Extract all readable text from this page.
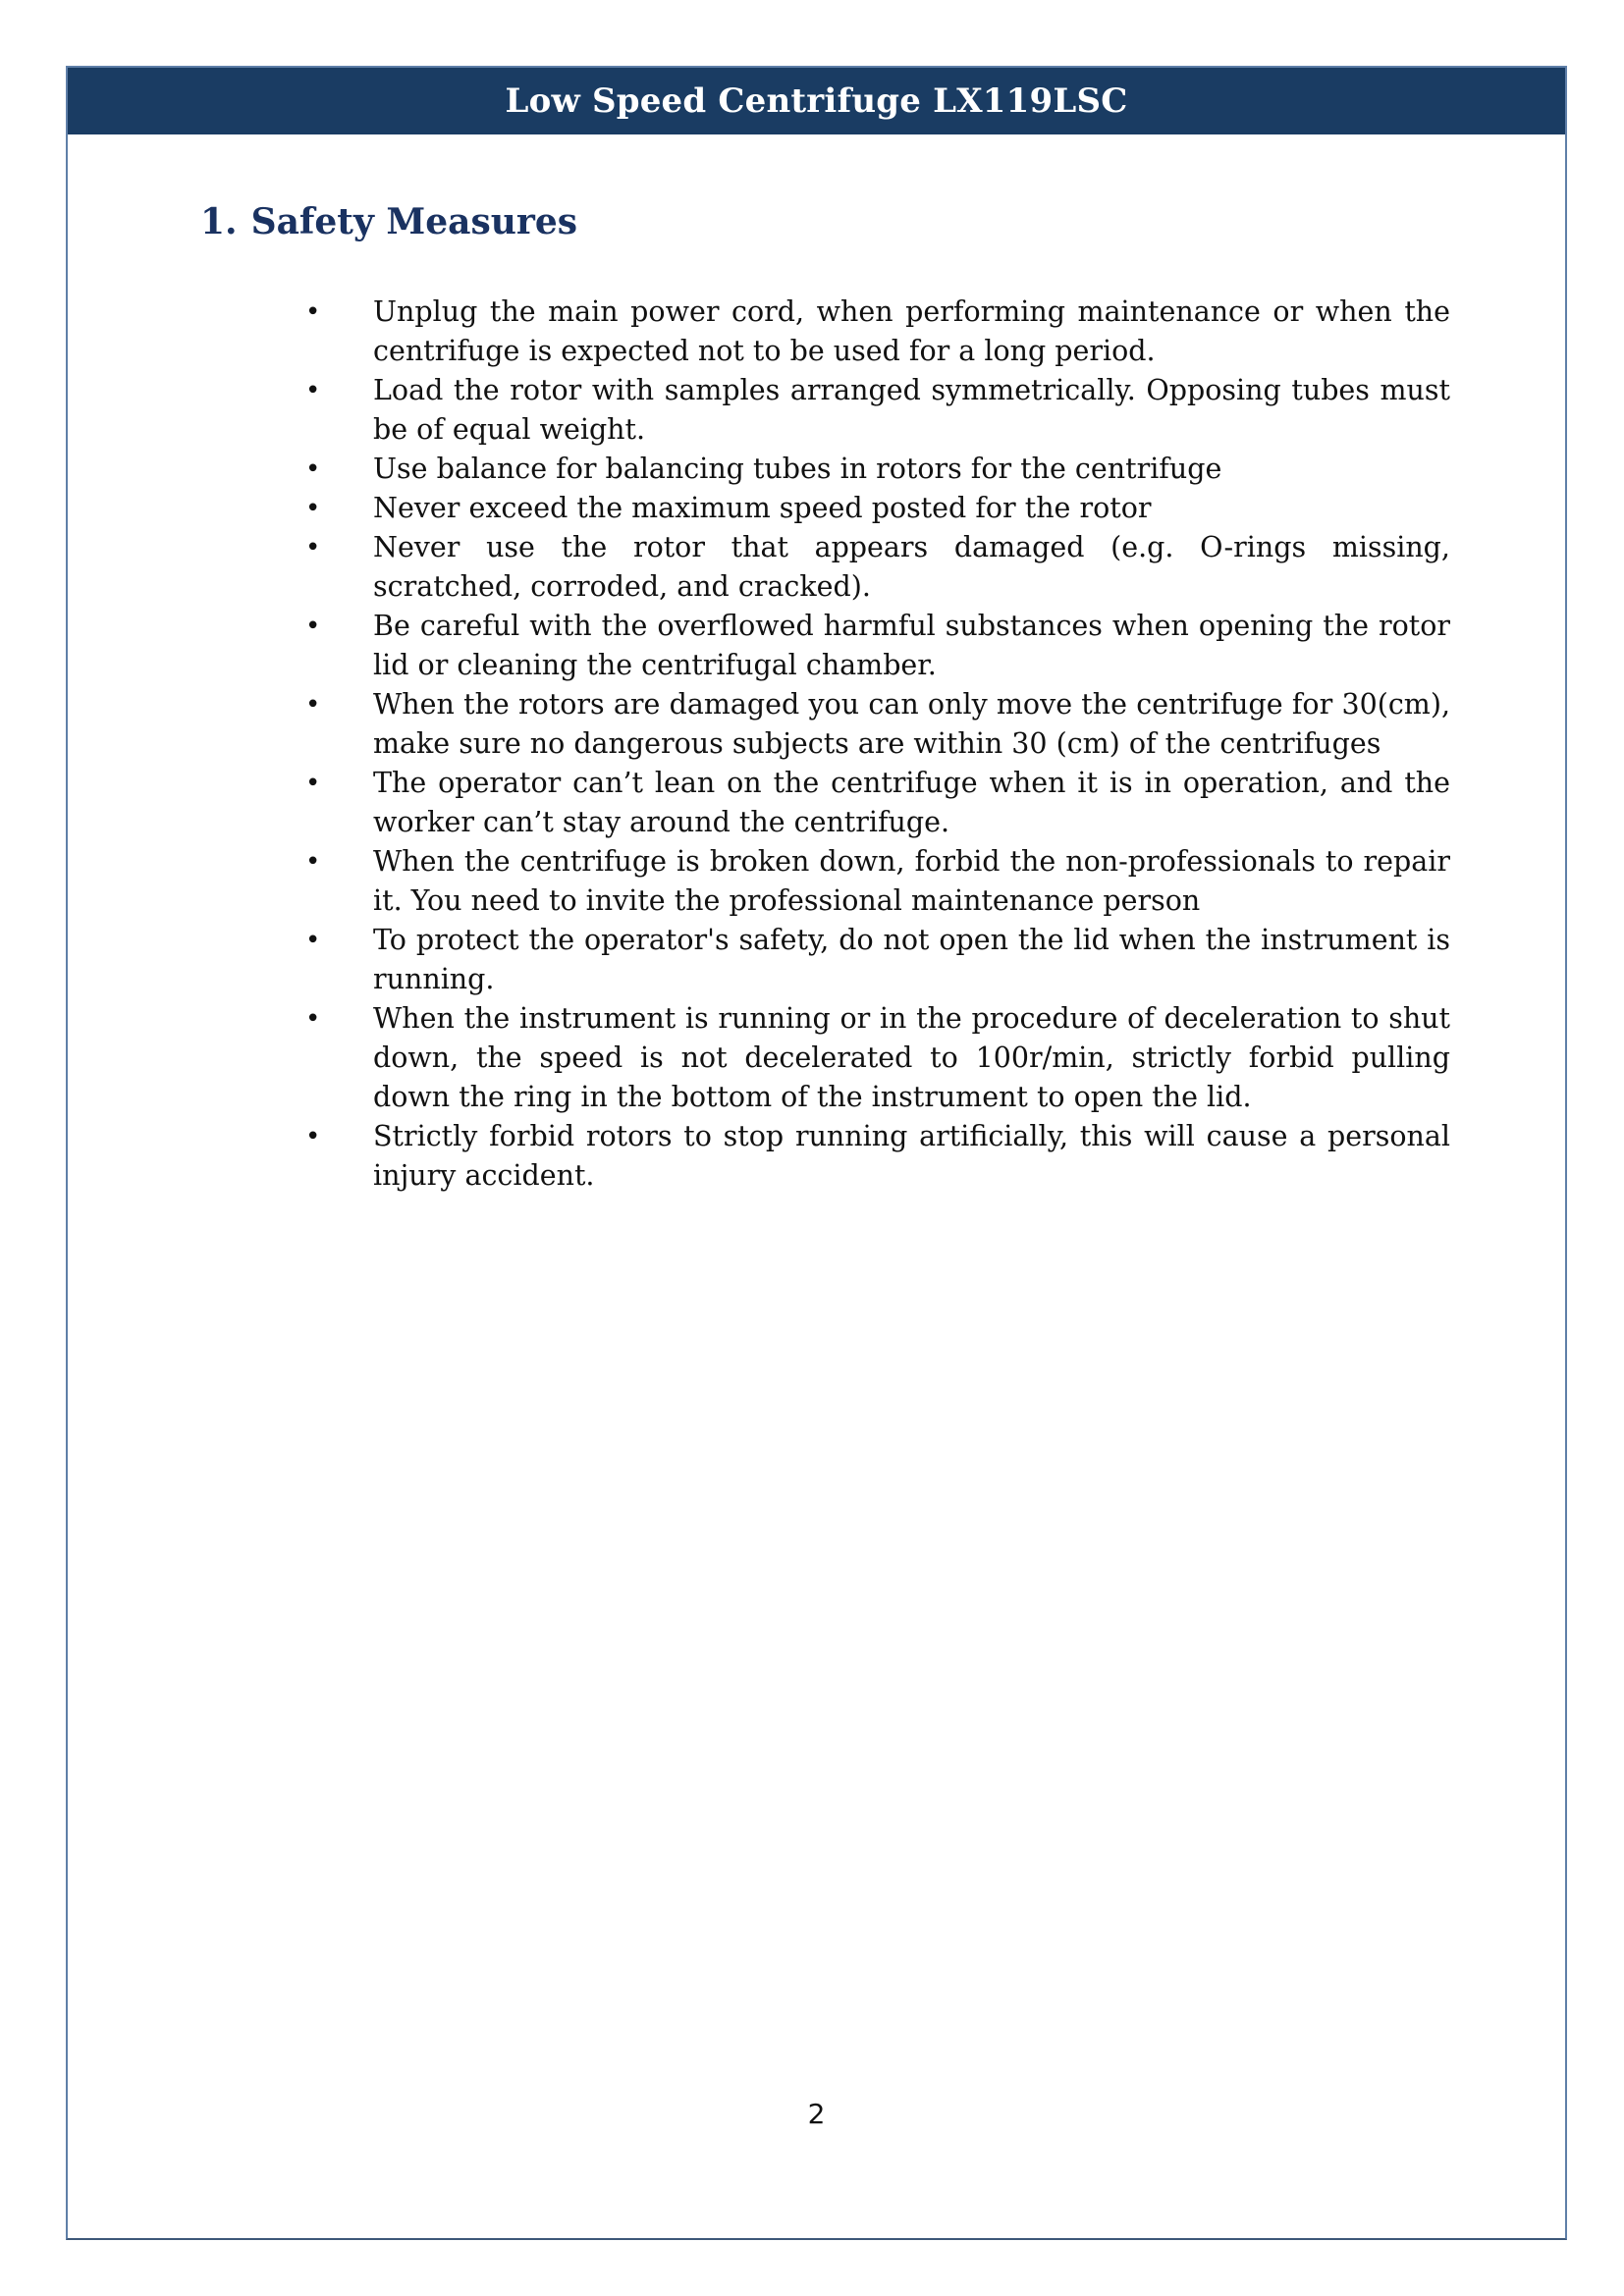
Low Speed Centrifuge LX119LSC
1. Safety Measures
• Unplug the main power cord, when performing maintenance or when the centrifuge is expected not to be used for a long period.
• Load the rotor with samples arranged symmetrically. Opposing tubes must be of equal weight.
• Use balance for balancing tubes in rotors for the centrifuge
• Never exceed the maximum speed posted for the rotor
• Never use the rotor that appears damaged (e.g. O-rings missing, scratched, corroded, and cracked).
• Be careful with the overflowed harmful substances when opening the rotor lid or cleaning the centrifugal chamber.
• When the rotors are damaged you can only move the centrifuge for 30(cm), make sure no dangerous subjects are within 30 (cm) of the centrifuges
• The operator can’t lean on the centrifuge when it is in operation, and the worker can’t stay around the centrifuge.
• When the centrifuge is broken down, forbid the non-professionals to repair it. You need to invite the professional maintenance person
• To protect the operator's safety, do not open the lid when the instrument is running.
• When the instrument is running or in the procedure of deceleration to shut down, the speed is not decelerated to 100r/min, strictly forbid pulling down the ring in the bottom of the instrument to open the lid.
• Strictly forbid rotors to stop running artificially, this will cause a personal injury accident.
2
